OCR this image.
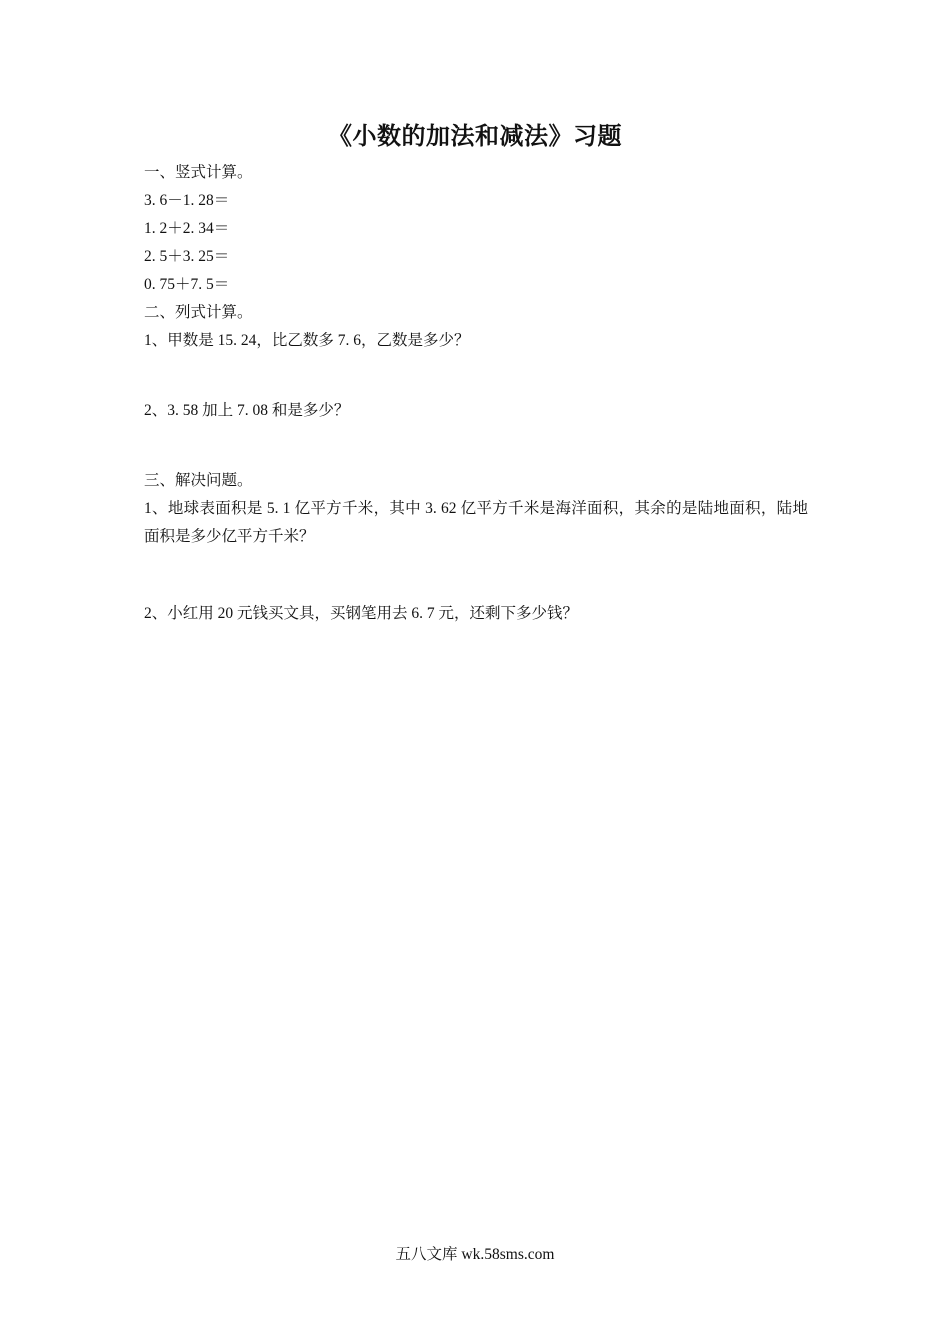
《小数的加法和减法》习题
一、竖式计算。
3. 6－1. 28＝
1. 2＋2. 34＝
2. 5＋3. 25＝
0. 75＋7. 5＝
二、列式计算。
1、甲数是 15. 24，比乙数多 7. 6，乙数是多少？
2、3. 58 加上 7. 08 和是多少？
三、解决问题。
1、地球表面积是 5. 1 亿平方千米，其中 3. 62 亿平方千米是海洋面积，其余的是陆地面积，陆地面积是多少亿平方千米？
2、小红用 20 元钱买文具，买钢笔用去 6. 7 元，还剩下多少钱？
五八文库 wk.58sms.com
